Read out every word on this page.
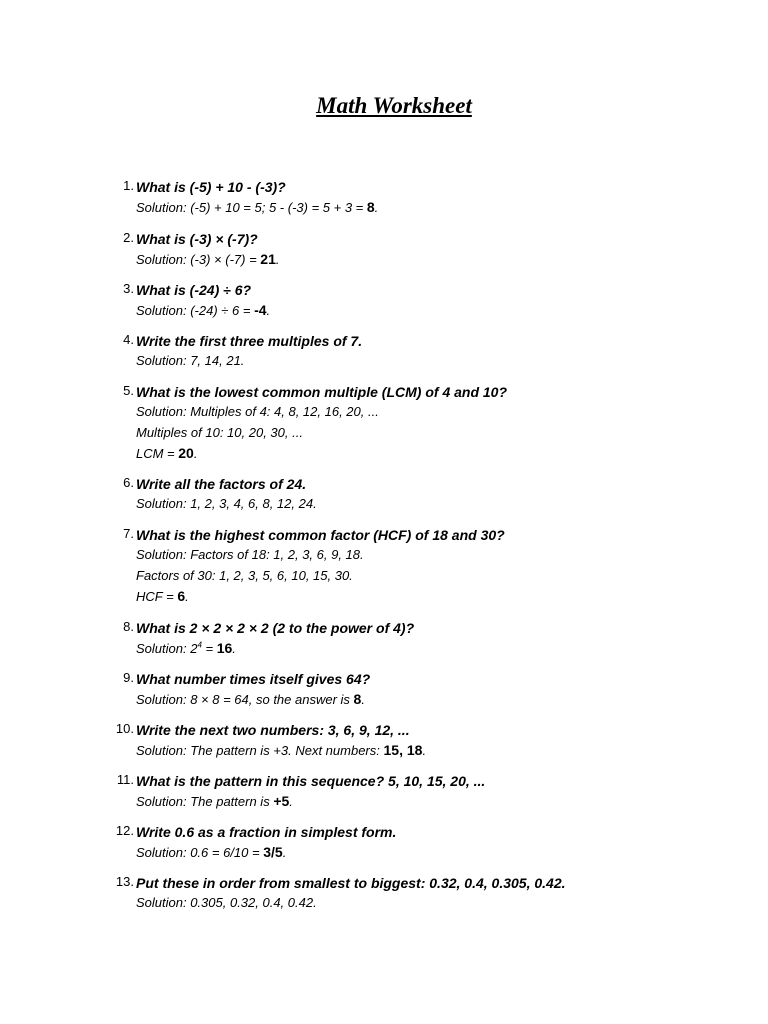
Math Worksheet
1. What is (-5) + 10 - (-3)?
Solution: (-5) + 10 = 5; 5 - (-3) = 5 + 3 = 8.
2. What is (-3) × (-7)?
Solution: (-3) × (-7) = 21.
3. What is (-24) ÷ 6?
Solution: (-24) ÷ 6 = -4.
4. Write the first three multiples of 7.
Solution: 7, 14, 21.
5. What is the lowest common multiple (LCM) of 4 and 10?
Solution: Multiples of 4: 4, 8, 12, 16, 20, ...
Multiples of 10: 10, 20, 30, ...
LCM = 20.
6. Write all the factors of 24.
Solution: 1, 2, 3, 4, 6, 8, 12, 24.
7. What is the highest common factor (HCF) of 18 and 30?
Solution: Factors of 18: 1, 2, 3, 6, 9, 18.
Factors of 30: 1, 2, 3, 5, 6, 10, 15, 30.
HCF = 6.
8. What is 2 × 2 × 2 × 2 (2 to the power of 4)?
Solution: $2^4 = 16$.
9. What number times itself gives 64?
Solution: 8 × 8 = 64, so the answer is 8.
10. Write the next two numbers: 3, 6, 9, 12, ...
Solution: The pattern is +3. Next numbers: 15, 18.
11. What is the pattern in this sequence? 5, 10, 15, 20, ...
Solution: The pattern is +5.
12. Write 0.6 as a fraction in simplest form.
Solution: 0.6 = 6/10 = 3/5.
13. Put these in order from smallest to biggest: 0.32, 0.4, 0.305, 0.42.
Solution: 0.305, 0.32, 0.4, 0.42.
